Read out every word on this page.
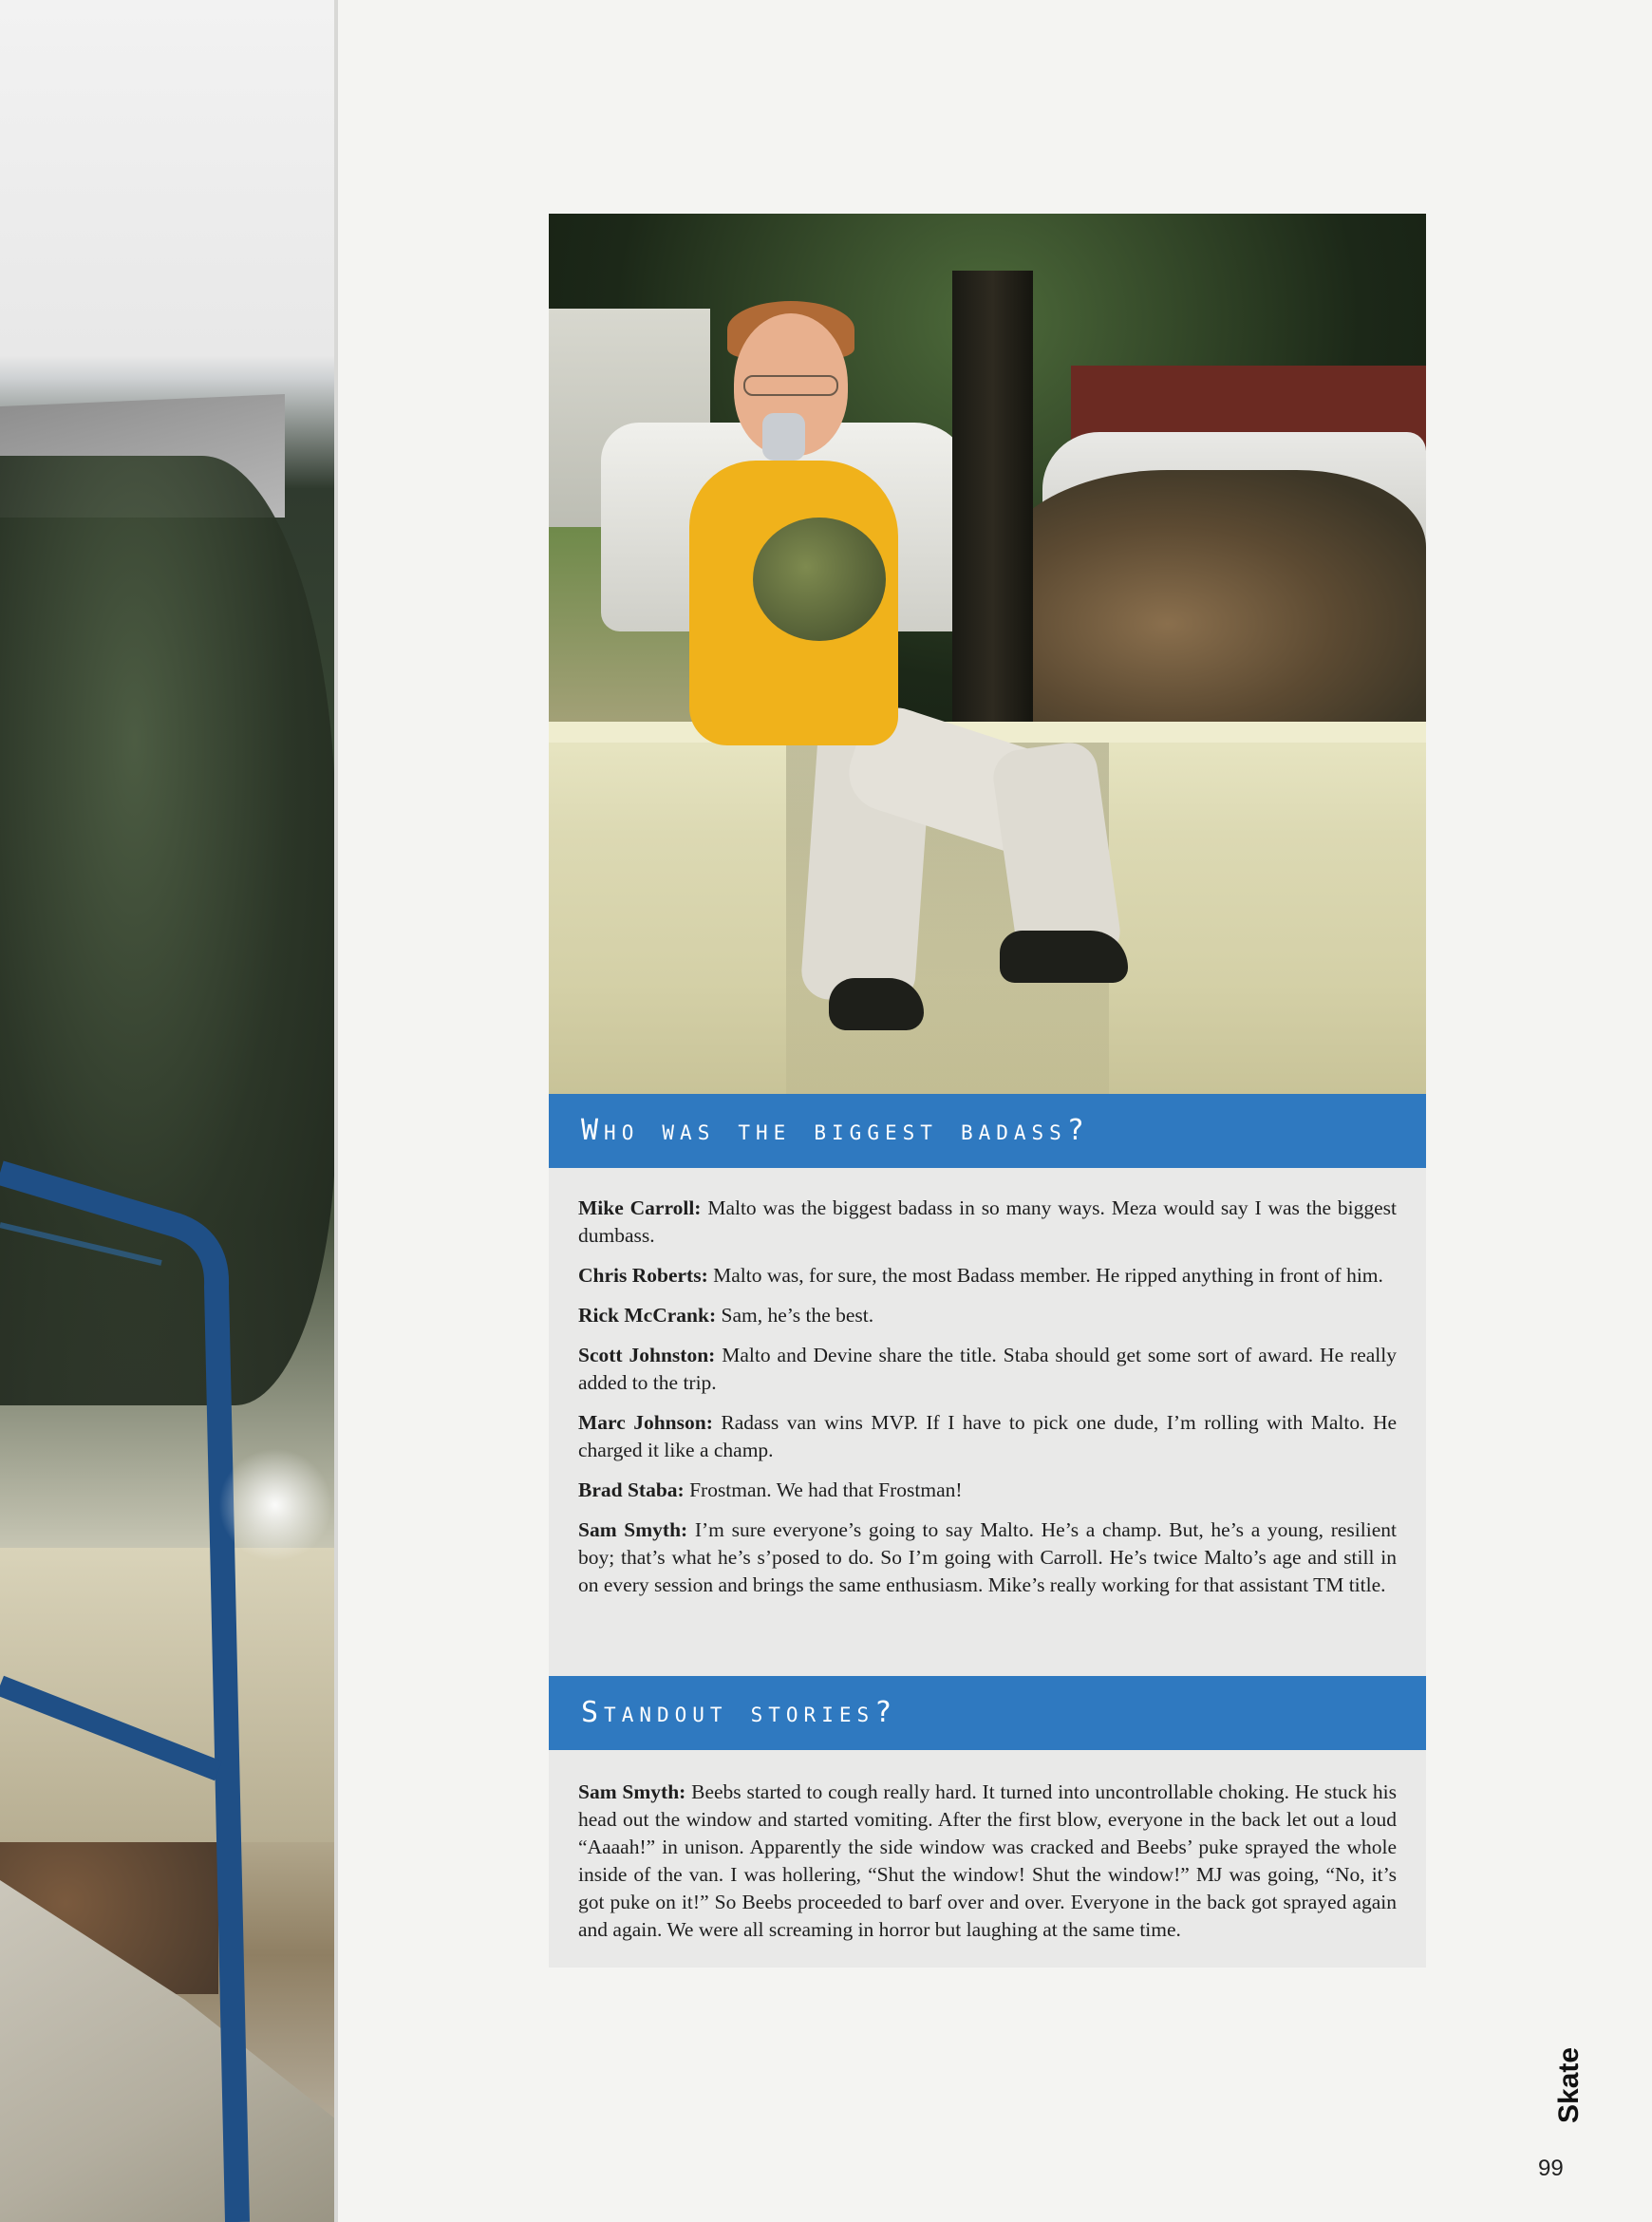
Who was the biggest badass?

Mike Carroll: Malto was the biggest badass in so many ways. Meza would say I was the biggest dumbass.

Chris Roberts: Malto was, for sure, the most Badass member. He ripped anything in front of him.

Rick McCrank: Sam, he’s the best.

Scott Johnston: Malto and Devine share the title. Staba should get some sort of award. He really added to the trip.

Marc Johnson: Radass van wins MVP. If I have to pick one dude, I’m rolling with Malto. He charged it like a champ.

Brad Staba: Frostman. We had that Frostman!

Sam Smyth: I’m sure everyone’s going to say Malto. He’s a champ. But, he’s a young, resilient boy; that’s what he’s s’posed to do. So I’m going with Carroll. He’s twice Malto’s age and still in on every session and brings the same enthusiasm. Mike’s really working for that assistant TM title.

Standout stories?

Sam Smyth: Beebs started to cough really hard. It turned into uncontrollable choking. He stuck his head out the window and started vomiting. After the first blow, everyone in the back let out a loud “Aaaah!” in unison. Apparently the side window was cracked and Beebs’ puke sprayed the whole inside of the van. I was hollering, “Shut the window! Shut the window!” MJ was going, “No, it’s got puke on it!” So Beebs proceeded to barf over and over. Everyone in the back got sprayed again and again. We were all screaming in horror but laughing at the same time.

99
Skate
